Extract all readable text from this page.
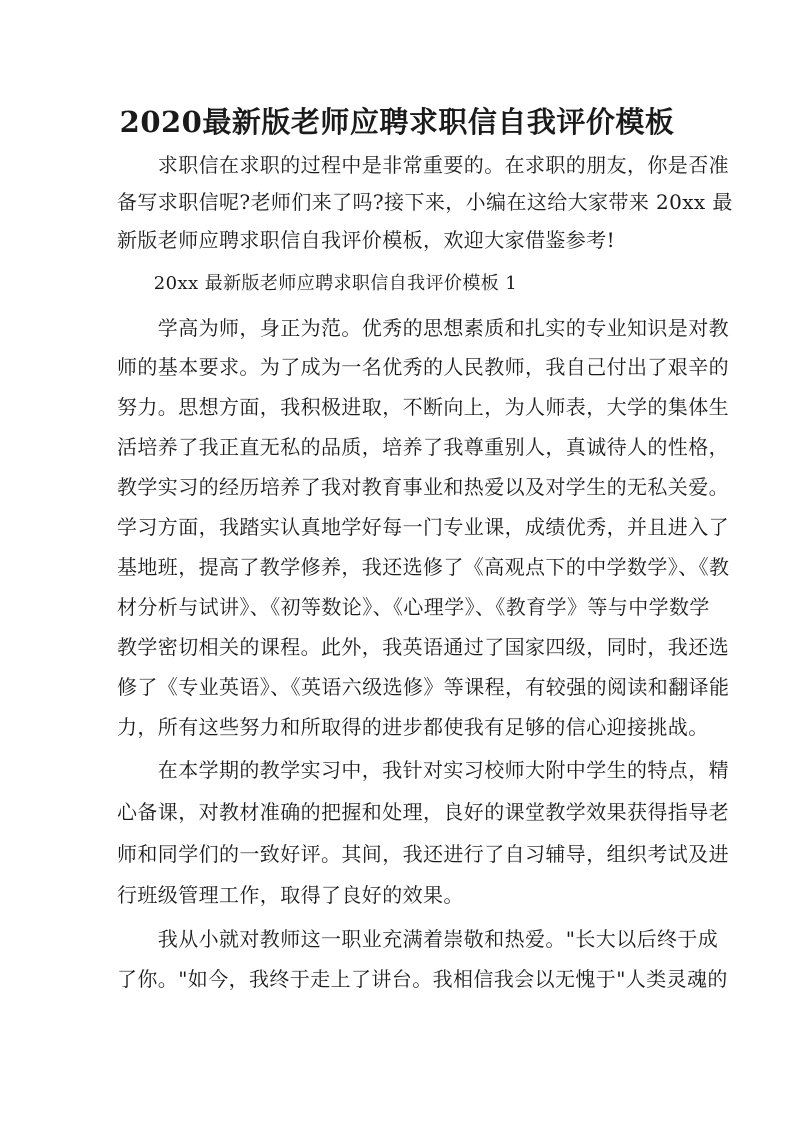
2020最新版老师应聘求职信自我评价模板
　　求职信在求职的过程中是非常重要的。在求职的朋友，你是否准
备写求职信呢?老师们来了吗?接下来，小编在这给大家带来 20xx 最
新版老师应聘求职信自我评价模板，欢迎大家借鉴参考!
　　20xx 最新版老师应聘求职信自我评价模板 1
　　学高为师，身正为范。优秀的思想素质和扎实的专业知识是对教
师的基本要求。为了成为一名优秀的人民教师，我自己付出了艰辛的
努力。思想方面，我积极进取，不断向上，为人师表，大学的集体生
活培养了我正直无私的品质，培养了我尊重别人，真诚待人的性格，
教学实习的经历培养了我对教育事业和热爱以及对学生的无私关爱。
学习方面，我踏实认真地学好每一门专业课，成绩优秀，并且进入了
基地班，提高了教学修养，我还选修了《高观点下的中学数学》、《教
材分析与试讲》、《初等数论》、《心理学》、《教育学》等与中学数学
教学密切相关的课程。此外，我英语通过了国家四级，同时，我还选
修了《专业英语》、《英语六级选修》等课程，有较强的阅读和翻译能
力，所有这些努力和所取得的进步都使我有足够的信心迎接挑战。
　　在本学期的教学实习中，我针对实习校师大附中学生的特点，精
心备课，对教材准确的把握和处理，良好的课堂教学效果获得指导老
师和同学们的一致好评。其间，我还进行了自习辅导，组织考试及进
行班级管理工作，取得了良好的效果。
　　我从小就对教师这一职业充满着崇敬和热爱。"长大以后终于成
了你。"如今，我终于走上了讲台。我相信我会以无愧于"人类灵魂的
